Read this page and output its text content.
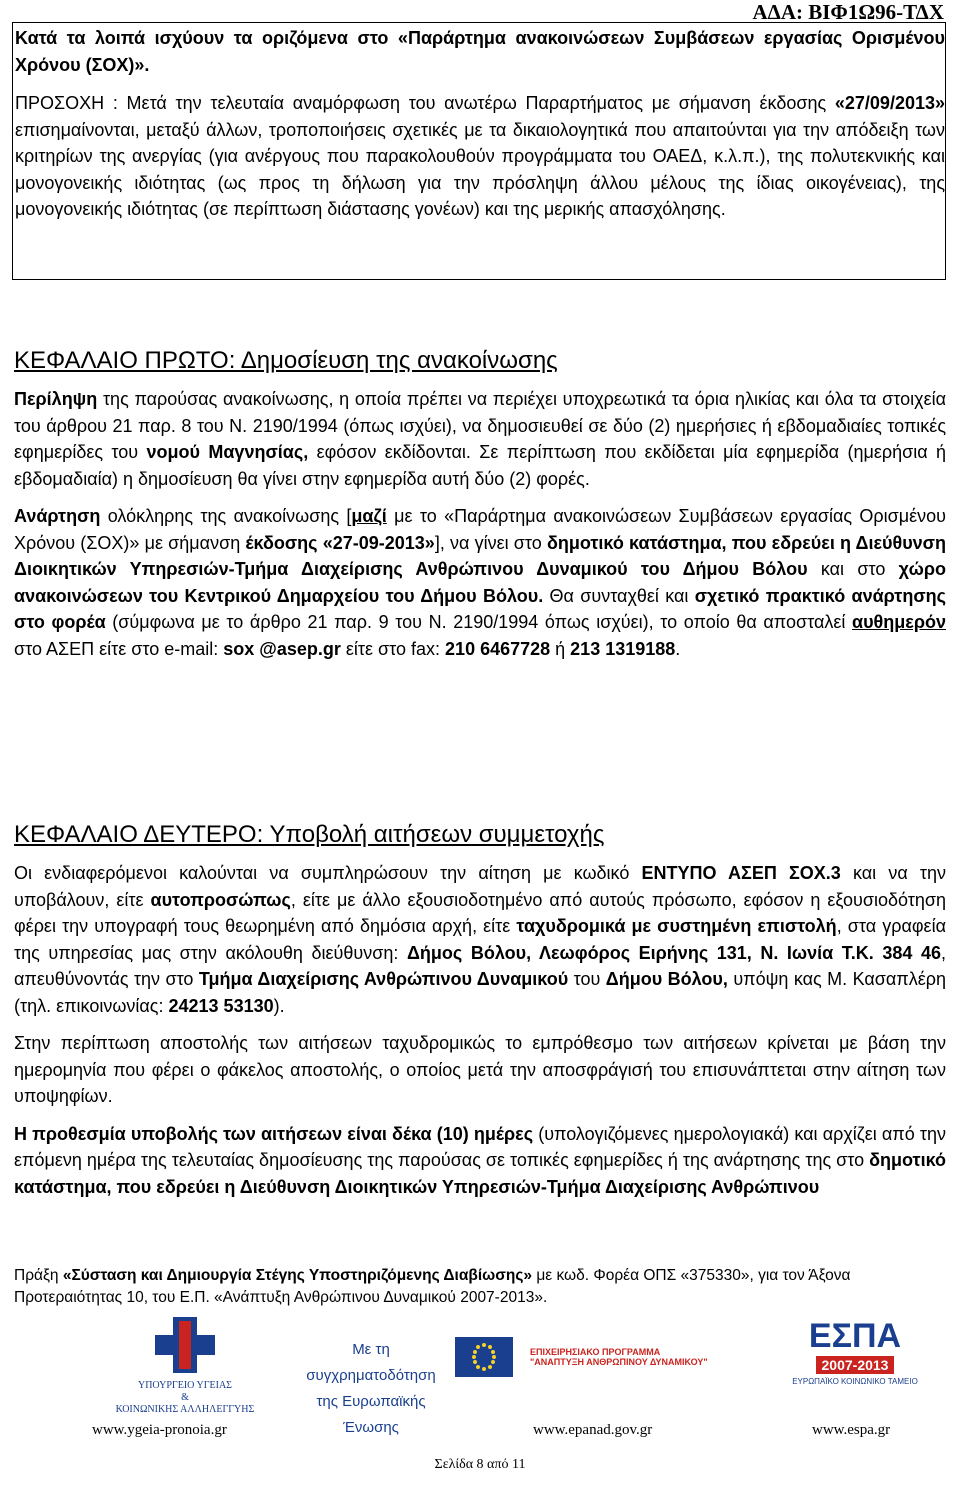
ΑΔΑ: ΒΙΦ1Ω96-ΤΔΧ

Κατά τα λοιπά ισχύουν τα οριζόμενα στο «Παράρτημα ανακοινώσεων Συμβάσεων εργασίας Ορισμένου Χρόνου (ΣΟΧ)».

ΠΡΟΣΟΧΗ : Μετά την τελευταία αναμόρφωση του ανωτέρω Παραρτήματος με σήμανση έκδοσης «27/09/2013» επισημαίνονται, μεταξύ άλλων, τροποποιήσεις σχετικές με τα δικαιολογητικά που απαιτούνται για την απόδειξη των κριτηρίων της ανεργίας (για ανέργους που παρακολουθούν προγράμματα του ΟΑΕΔ, κ.λ.π.), της πολυτεκνικής και μονογονεικής ιδιότητας (ως προς τη δήλωση για την πρόσληψη άλλου μέλους της ίδιας οικογένειας), της μονογονεικής ιδιότητας (σε περίπτωση διάστασης γονέων) και της μερικής απασχόλησης.

ΚΕΦΑΛΑΙΟ ΠΡΩΤΟ: Δημοσίευση της ανακοίνωσης

Περίληψη της παρούσας ανακοίνωσης, η οποία πρέπει να περιέχει υποχρεωτικά τα όρια ηλικίας και όλα τα στοιχεία του άρθρου 21 παρ. 8 του Ν. 2190/1994 (όπως ισχύει), να δημοσιευθεί σε δύο (2) ημερήσιες ή εβδομαδιαίες τοπικές εφημερίδες του νομού Μαγνησίας, εφόσον εκδίδονται. Σε περίπτωση που εκδίδεται μία εφημερίδα (ημερήσια ή εβδομαδιαία) η δημοσίευση θα γίνει στην εφημερίδα αυτή δύο (2) φορές.

Ανάρτηση ολόκληρης της ανακοίνωσης [μαζί με το «Παράρτημα ανακοινώσεων Συμβάσεων εργασίας Ορισμένου Χρόνου (ΣΟΧ)» με σήμανση έκδοσης «27-09-2013»], να γίνει στο δημοτικό κατάστημα, που εδρεύει η Διεύθυνση Διοικητικών Υπηρεσιών-Τμήμα Διαχείρισης Ανθρώπινου Δυναμικού του Δήμου Βόλου και στο χώρο ανακοινώσεων του Κεντρικού Δημαρχείου του Δήμου Βόλου. Θα συνταχθεί και σχετικό πρακτικό ανάρτησης στο φορέα (σύμφωνα με το άρθρο 21 παρ. 9 του Ν. 2190/1994 όπως ισχύει), το οποίο θα αποσταλεί αυθημερόν στο ΑΣΕΠ είτε στο e-mail: sox @asep.gr είτε στο fax: 210 6467728 ή 213 1319188.

ΚΕΦΑΛΑΙΟ ΔΕΥΤΕΡΟ: Υποβολή αιτήσεων συμμετοχής

Οι ενδιαφερόμενοι καλούνται να συμπληρώσουν την αίτηση με κωδικό ΕΝΤΥΠΟ ΑΣΕΠ ΣΟΧ.3 και να την υποβάλουν, είτε αυτοπροσώπως, είτε με άλλο εξουσιοδοτημένο από αυτούς πρόσωπο, εφόσον η εξουσιοδότηση φέρει την υπογραφή τους θεωρημένη από δημόσια αρχή, είτε ταχυδρομικά με συστημένη επιστολή, στα γραφεία της υπηρεσίας μας στην ακόλουθη διεύθυνση: Δήμος Βόλου, Λεωφόρος Ειρήνης 131, Ν. Ιωνία Τ.Κ. 384 46, απευθύνοντάς την στο Τμήμα Διαχείρισης Ανθρώπινου Δυναμικού του Δήμου Βόλου, υπόψη κας Μ. Κασαπλέρη (τηλ. επικοινωνίας: 24213 53130).

Στην περίπτωση αποστολής των αιτήσεων ταχυδρομικώς το εμπρόθεσμο των αιτήσεων κρίνεται με βάση την ημερομηνία που φέρει ο φάκελος αποστολής, ο οποίος μετά την αποσφράγισή του επισυνάπτεται στην αίτηση των υποψηφίων.

Η προθεσμία υποβολής των αιτήσεων είναι δέκα (10) ημέρες (υπολογιζόμενες ημερολογιακά) και αρχίζει από την επόμενη ημέρα της τελευταίας δημοσίευσης της παρούσας σε τοπικές εφημερίδες ή της ανάρτησης της στο δημοτικό κατάστημα, που εδρεύει η Διεύθυνση Διοικητικών Υπηρεσιών-Τμήμα Διαχείρισης Ανθρώπινου

Πράξη «Σύσταση και Δημιουργία Στέγης Υποστηριζόμενης Διαβίωσης» με κωδ. Φορέα ΟΠΣ «375330», για τον Άξονα Προτεραιότητας 10, του Ε.Π. «Ανάπτυξη Ανθρώπινου Δυναμικού 2007-2013».
ΥΠΟΥΡΓΕΙΟ ΥΓΕΙΑΣ
&
ΚΟΙΝΩΝΙΚΗΣ ΑΛΛΗΛΕΓΓΥΗΣ
www.ygeia-pronoia.gr
Με τη
συγχρηματοδότηση
της Ευρωπαϊκής
Ένωσης
ΕΠΙΧΕΙΡΗΣΙΑΚΟ ΠΡΟΓΡΑΜΜΑ
"ΑΝΑΠΤΥΞΗ ΑΝΘΡΩΠΙΝΟΥ ΔΥΝΑΜΙΚΟΥ"
www.epanad.gov.gr
ΕΣΠΑ
2007-2013
ΕΥΡΩΠΑΪΚΟ ΚΟΙΝΩΝΙΚΟ ΤΑΜΕΙΟ
www.espa.gr
Σελίδα 8 από 11
